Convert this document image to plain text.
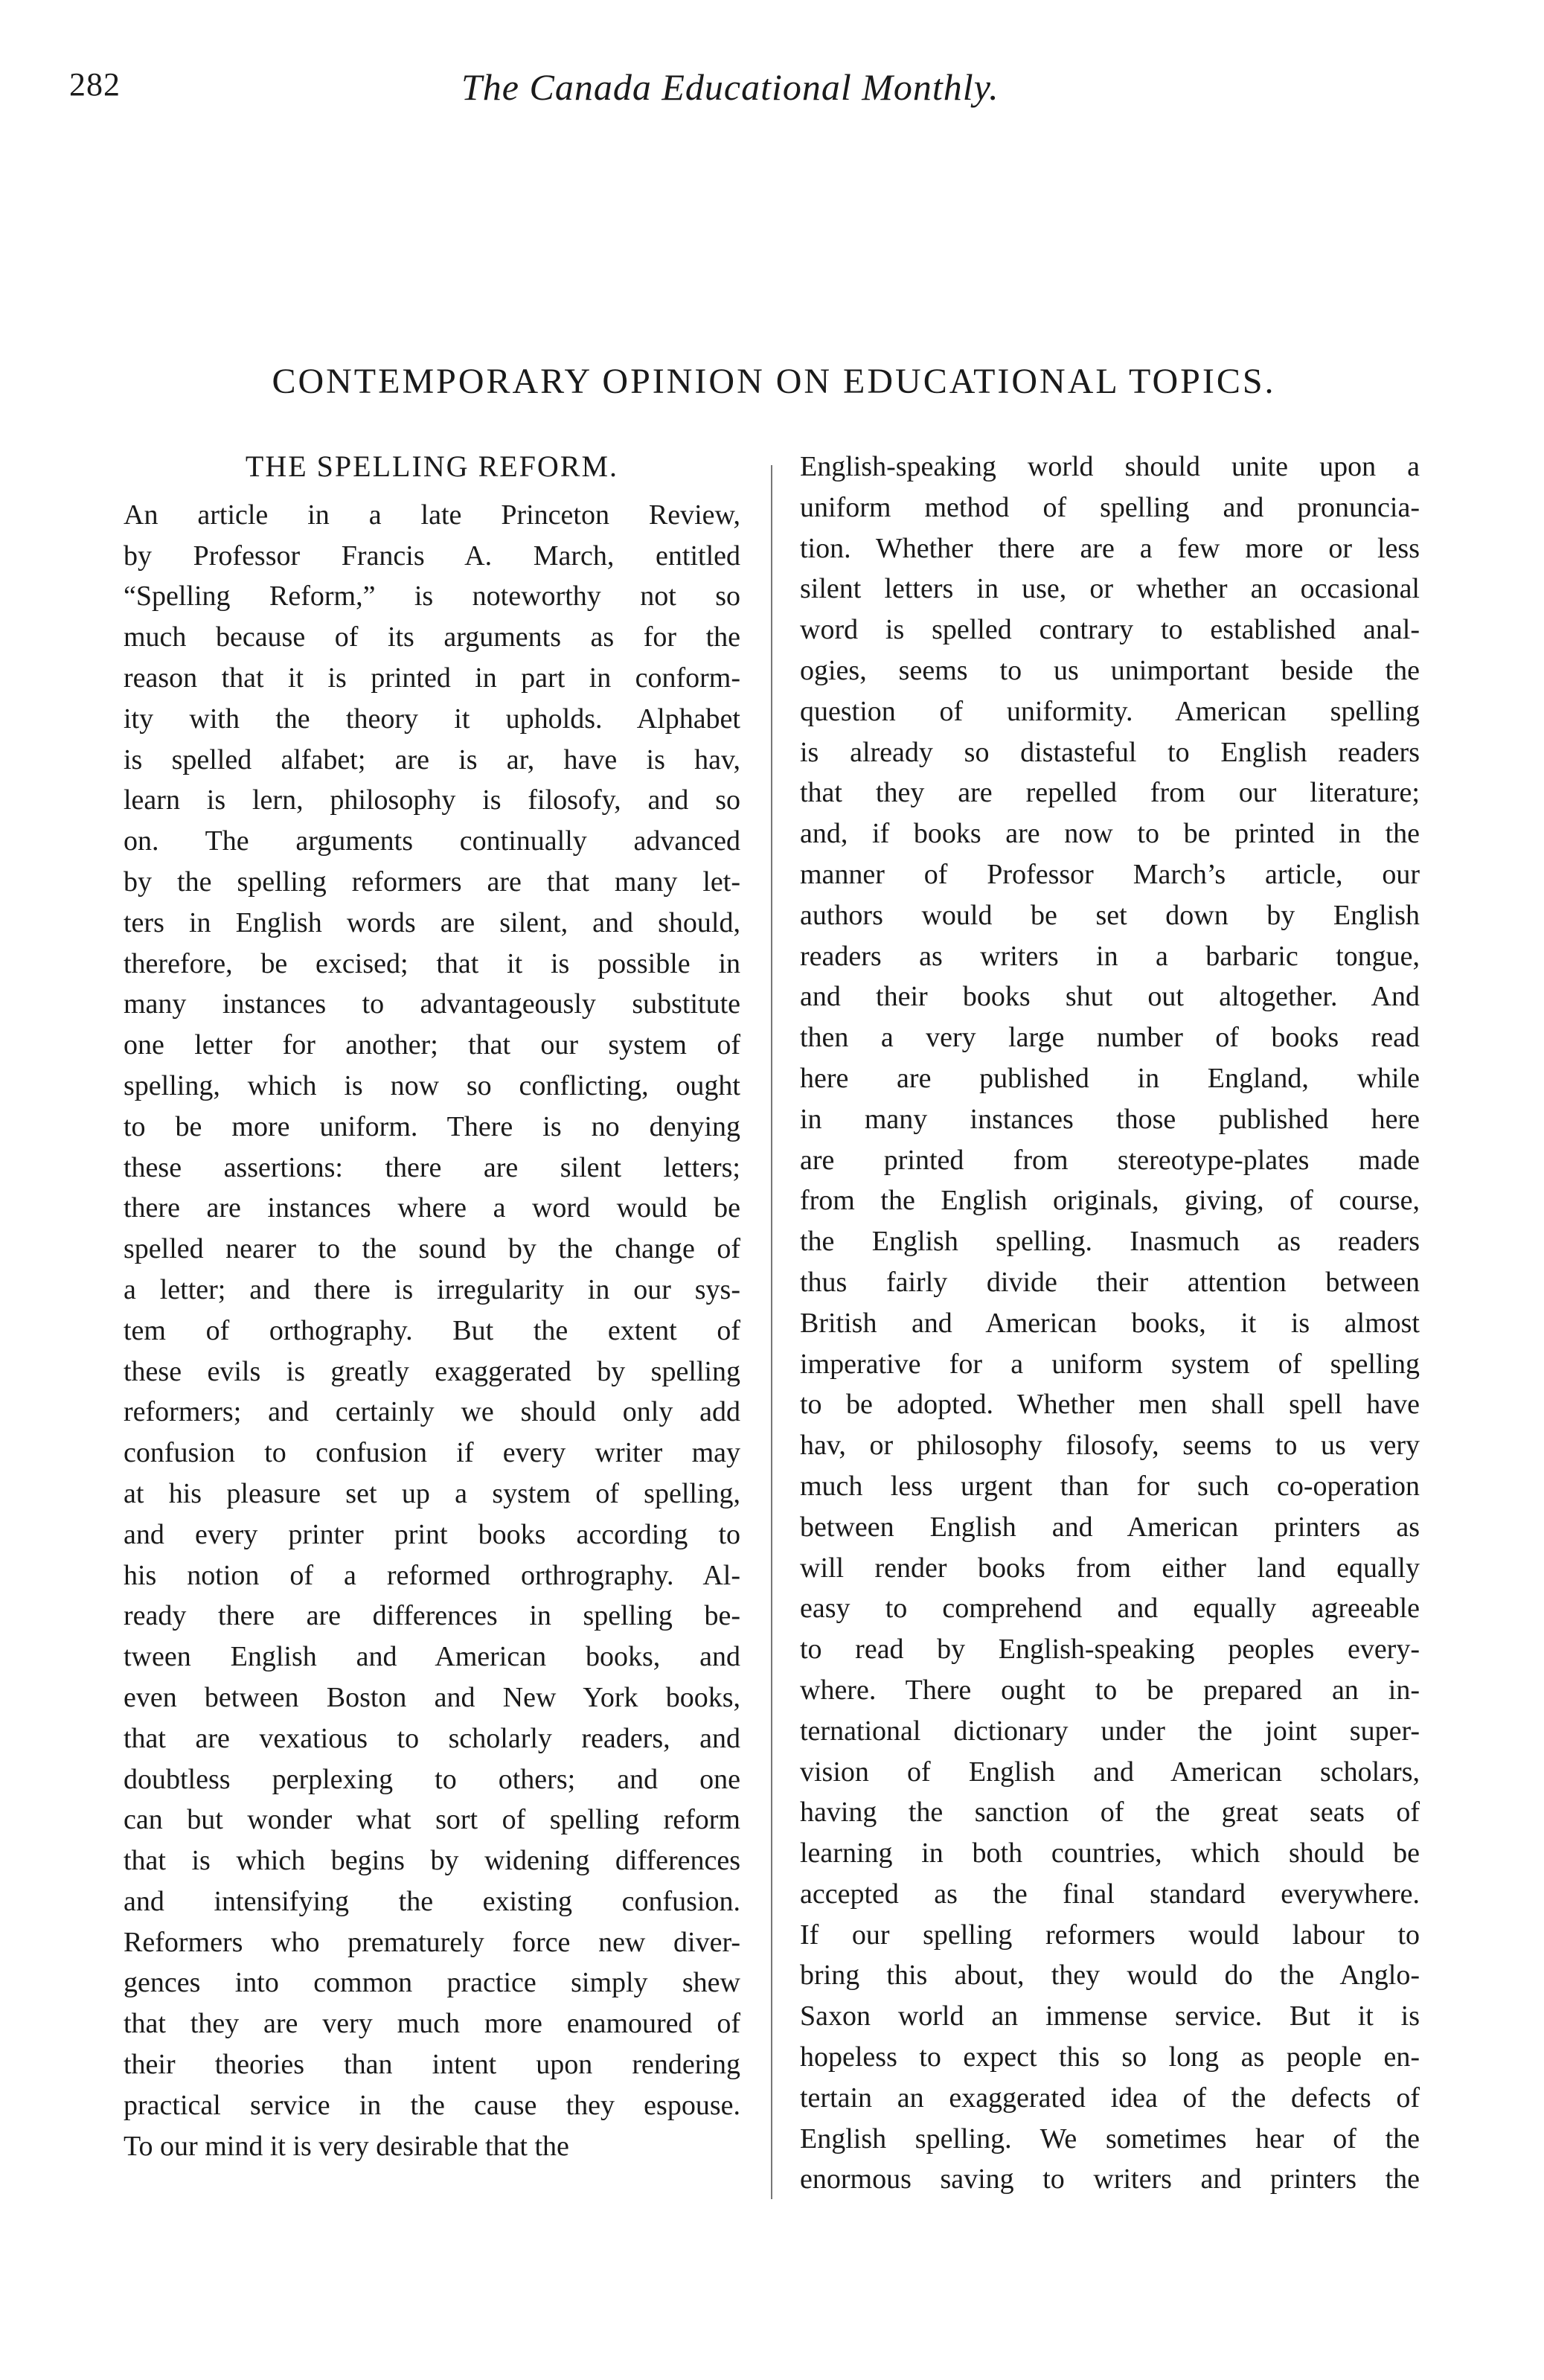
282	The Canada Educational Monthly.
CONTEMPORARY OPINION ON EDUCATIONAL TOPICS.
THE SPELLING REFORM.
An article in a late Princeton Review,
by Professor Francis A. March, entitled
“Spelling Reform,” is noteworthy not so
much because of its arguments as for the
reason that it is printed in part in conform-
ity with the theory it upholds. Alphabet
is spelled alfabet; are is ar, have is hav,
learn is lern, philosophy is filosofy, and so
on. The arguments continually advanced
by the spelling reformers are that many let-
ters in English words are silent, and should,
therefore, be excised; that it is possible in
many instances to advantageously substitute
one letter for another; that our system of
spelling, which is now so conflicting, ought
to be more uniform. There is no denying
these assertions: there are silent letters;
there are instances where a word would be
spelled nearer to the sound by the change of
a letter; and there is irregularity in our sys-
tem of orthography. But the extent of
these evils is greatly exaggerated by spelling
reformers; and certainly we should only add
confusion to confusion if every writer may
at his pleasure set up a system of spelling,
and every printer print books according to
his notion of a reformed orthrography. Al-
ready there are differences in spelling be-
tween English and American books, and
even between Boston and New York books,
that are vexatious to scholarly readers, and
doubtless perplexing to others; and one
can but wonder what sort of spelling reform
that is which begins by widening differences
and intensifying the existing confusion.
Reformers who prematurely force new diver-
gences into common practice simply shew
that they are very much more enamoured of
their theories than intent upon rendering
practical service in the cause they espouse.
To our mind it is very desirable that the
English-speaking world should unite upon a
uniform method of spelling and pronuncia-
tion. Whether there are a few more or less
silent letters in use, or whether an occasional
word is spelled contrary to established anal-
ogies, seems to us unimportant beside the
question of uniformity. American spelling
is already so distasteful to English readers
that they are repelled from our literature;
and, if books are now to be printed in the
manner of Professor March’s article, our
authors would be set down by English
readers as writers in a barbaric tongue,
and their books shut out altogether. And
then a very large number of books read
here are published in England, while
in many instances those published here
are printed from stereotype-plates made
from the English originals, giving, of course,
the English spelling. Inasmuch as readers
thus fairly divide their attention between
British and American books, it is almost
imperative for a uniform system of spelling
to be adopted. Whether men shall spell have
hav, or philosophy filosofy, seems to us very
much less urgent than for such co-operation
between English and American printers as
will render books from either land equally
easy to comprehend and equally agreeable
to read by English-speaking peoples every-
where. There ought to be prepared an in-
ternational dictionary under the joint super-
vision of English and American scholars,
having the sanction of the great seats of
learning in both countries, which should be
accepted as the final standard everywhere.
If our spelling reformers would labour to
bring this about, they would do the Anglo-
Saxon world an immense service. But it is
hopeless to expect this so long as people en-
tertain an exaggerated idea of the defects of
English spelling. We sometimes hear of the
enormous saving to writers and printers the
